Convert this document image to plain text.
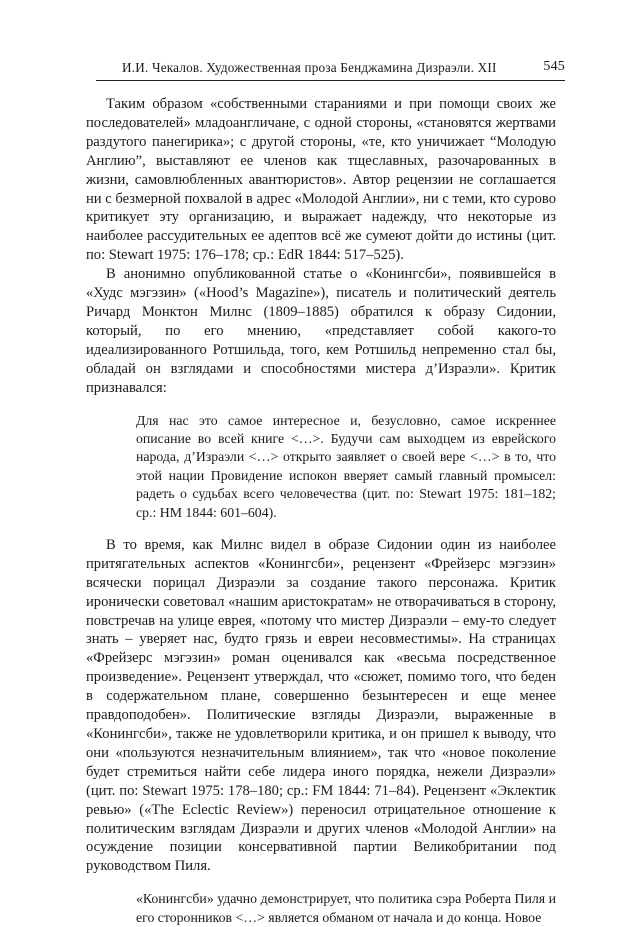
И.И. Чекалов. Художественная проза Бенджамина Дизраэли. XII	545

Таким образом «собственными стараниями и при помощи своих же последователей» младоангличане, с одной стороны, «становятся жертвами раздутого панегирика»; с другой стороны, «те, кто уничижает “Молодую Англию”, выставляют ее членов как тщеславных, разочарованных в жизни, самовлюбленных авантюристов». Автор рецензии не соглашается ни с безмерной похвалой в адрес «Молодой Англии», ни с теми, кто сурово критикует эту организацию, и выражает надежду, что некоторые из наиболее рассудительных ее адептов всё же сумеют дойти до истины (цит. по: Stewart 1975: 176–178; ср.: EdR 1844: 517–525).

В анонимно опубликованной статье о «Конингсби», появившейся в «Худс мэгэзин» («Hood’s Magazine»), писатель и политический деятель Ричард Монктон Милнс (1809–1885) обратился к образу Сидонии, который, по его мнению, «представляет собой какого-то идеализированного Ротшильда, того, кем Ротшильд непременно стал бы, обладай он взглядами и способностями мистера д’Израэли». Критик признавался:

Для нас это самое интересное и, безусловно, самое искреннее описание во всей книге <…>. Будучи сам выходцем из еврейского народа, д’Израэли <…> открыто заявляет о своей вере <…> в то, что этой нации Провидение испокон вверяет самый главный промысел: радеть о судьбах всего человечества (цит. по: Stewart 1975: 181–182; ср.: HM 1844: 601–604).

В то время, как Милнс видел в образе Сидонии один из наиболее притягательных аспектов «Конингсби», рецензент «Фрейзерс мэгэзин» всячески порицал Дизраэли за создание такого персонажа. Критик иронически советовал «нашим аристократам» не отворачиваться в сторону, повстречав на улице еврея, «потому что мистер Дизраэли – ему-то следует знать – уверяет нас, будто грязь и евреи несовместимы». На страницах «Фрейзерс мэгэзин» роман оценивался как «весьма посредственное произведение». Рецензент утверждал, что «сюжет, помимо того, что беден в содержательном плане, совершенно безынтересен и еще менее правдоподобен». Политические взгляды Дизраэли, выраженные в «Конингсби», также не удовлетворили критика, и он пришел к выводу, что они «пользуются незначительным влиянием», так что «новое поколение будет стремиться найти себе лидера иного порядка, нежели Дизраэли» (цит. по: Stewart 1975: 178–180; ср.: FM 1844: 71–84). Рецензент «Эклектик ревью» («The Eclectic Review») переносил отрицательное отношение к политическим взглядам Дизраэли и других членов «Молодой Англии» на осуждение позиции консервативной партии Великобритании под руководством Пиля.

«Конингсби» удачно демонстрирует, что политика сэра Роберта Пиля и его сторонников <…> является обманом от начала и до конца. Новое
